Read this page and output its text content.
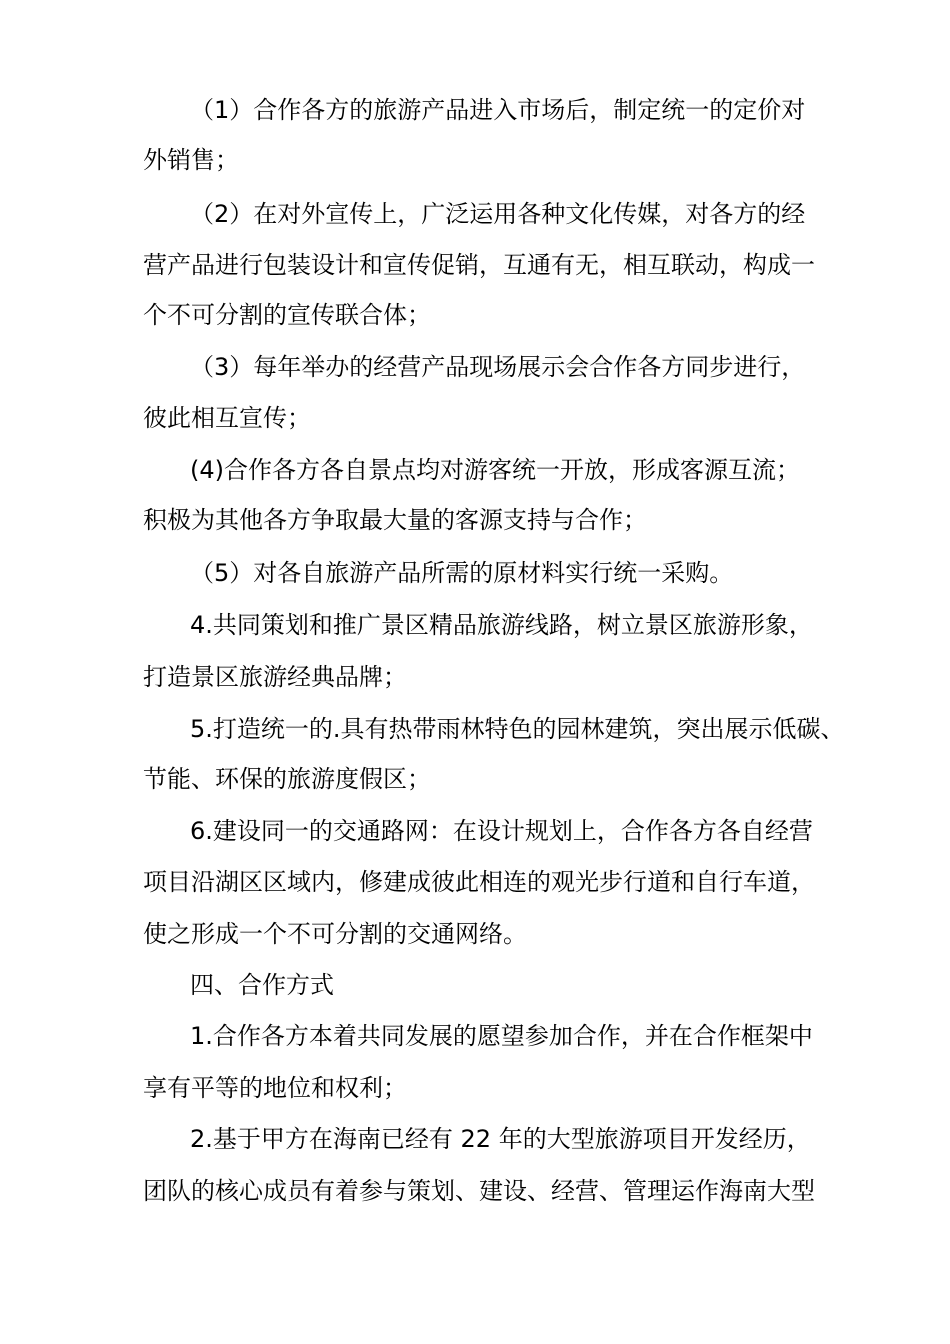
（1）合作各方的旅游产品进入市场后，制定统一的定价对
外销售；
（2）在对外宣传上，广泛运用各种文化传媒，对各方的经
营产品进行包装设计和宣传促销，互通有无，相互联动，构成一
个不可分割的宣传联合体；
（3）每年举办的经营产品现场展示会合作各方同步进行，
彼此相互宣传；
(4)合作各方各自景点均对游客统一开放，形成客源互流；
积极为其他各方争取最大量的客源支持与合作；
（5）对各自旅游产品所需的原材料实行统一采购。
4.共同策划和推广景区精品旅游线路，树立景区旅游形象，
打造景区旅游经典品牌；
5.打造统一的.具有热带雨林特色的园林建筑，突出展示低碳、
节能、环保的旅游度假区；
6.建设同一的交通路网：在设计规划上，合作各方各自经营
项目沿湖区区域内，修建成彼此相连的观光步行道和自行车道，
使之形成一个不可分割的交通网络。
四、合作方式
1.合作各方本着共同发展的愿望参加合作，并在合作框架中
享有平等的地位和权利；
2.基于甲方在海南已经有 22 年的大型旅游项目开发经历，
团队的核心成员有着参与策划、建设、经营、管理运作海南大型
